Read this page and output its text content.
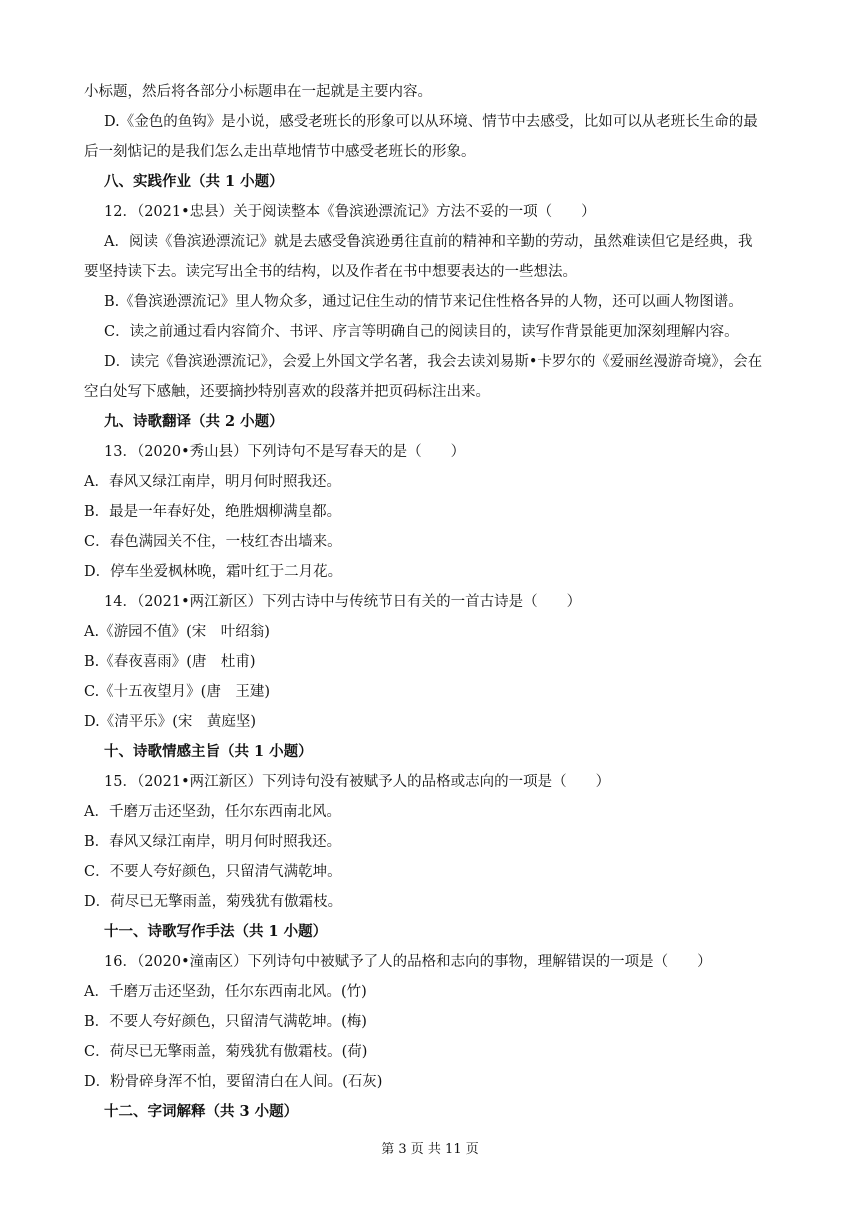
小标题，然后将各部分小标题串在一起就是主要内容。
D.《金色的鱼钩》是小说，感受老班长的形象可以从环境、情节中去感受，比如可以从老班长生命的最
后一刻惦记的是我们怎么走出草地情节中感受老班长的形象。
八、实践作业（共 1 小题）
12．（2021•忠县）关于阅读整本《鲁滨逊漂流记》方法不妥的一项（　　）
A．阅读《鲁滨逊漂流记》就是去感受鲁滨逊勇往直前的精神和辛勤的劳动，虽然难读但它是经典，我
要坚持读下去。读完写出全书的结构，以及作者在书中想要表达的一些想法。
B.《鲁滨逊漂流记》里人物众多，通过记住生动的情节来记住性格各异的人物，还可以画人物图谱。
C．读之前通过看内容简介、书评、序言等明确自己的阅读目的，读写作背景能更加深刻理解内容。
D．读完《鲁滨逊漂流记》，会爱上外国文学名著，我会去读刘易斯•卡罗尔的《爱丽丝漫游奇境》，会在
空白处写下感触，还要摘抄特别喜欢的段落并把页码标注出来。
九、诗歌翻译（共 2 小题）
13．（2020•秀山县）下列诗句不是写春天的是（　　）
A．春风又绿江南岸，明月何时照我还。
B．最是一年春好处，绝胜烟柳满皇都。
C．春色满园关不住，一枝红杏出墙来。
D．停车坐爱枫林晚，霜叶红于二月花。
14．（2021•两江新区）下列古诗中与传统节日有关的一首古诗是（　　）
A.《游园不值》(宋　叶绍翁)
B.《春夜喜雨》(唐　杜甫)
C.《十五夜望月》(唐　王建)
D.《清平乐》(宋　黄庭坚)
十、诗歌情感主旨（共 1 小题）
15．（2021•两江新区）下列诗句没有被赋予人的品格或志向的一项是（　　）
A．千磨万击还坚劲，任尔东西南北风。
B．春风又绿江南岸，明月何时照我还。
C．不要人夸好颜色，只留清气满乾坤。
D．荷尽已无擎雨盖，菊残犹有傲霜枝。
十一、诗歌写作手法（共 1 小题）
16．（2020•潼南区）下列诗句中被赋予了人的品格和志向的事物，理解错误的一项是（　　）
A．千磨万击还坚劲，任尔东西南北风。(竹)
B．不要人夸好颜色，只留清气满乾坤。(梅)
C．荷尽已无擎雨盖，菊残犹有傲霜枝。(荷)
D．粉骨碎身浑不怕，要留清白在人间。(石灰)
十二、字词解释（共 3 小题）
第 3 页 共 11 页
